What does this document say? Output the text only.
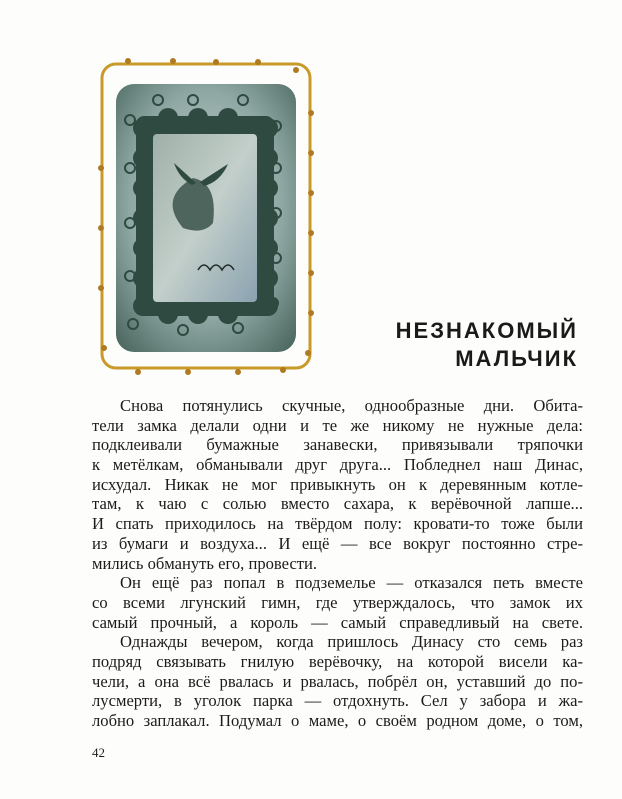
НЕЗНАКОМЫЙ
МАЛЬЧИК
Снова потянулись скучные, однообразные дни. Обита-
тели замка делали одни и те же никому не нужные дела:
подклеивали бумажные занавески, привязывали тряпочки
к метёлкам, обманывали друг друга... Побледнел наш Динас,
исхудал. Никак не мог привыкнуть он к деревянным котле-
там, к чаю с солью вместо сахара, к верёвочной лапше...
И спать приходилось на твёрдом полу: кровати-то тоже были
из бумаги и воздуха... И ещё — все вокруг постоянно стре-
мились обмануть его, провести.
Он ещё раз попал в подземелье — отказался петь вместе
со всеми лгунский гимн, где утверждалось, что замок их
самый прочный, а король — самый справедливый на свете.
Однажды вечером, когда пришлось Динасу сто семь раз
подряд связывать гнилую верёвочку, на которой висели ка-
чели, а она всё рвалась и рвалась, побрёл он, уставший до по-
лусмерти, в уголок парка — отдохнуть. Сел у забора и жа-
лобно заплакал. Подумал о маме, о своём родном доме, о том,
42
